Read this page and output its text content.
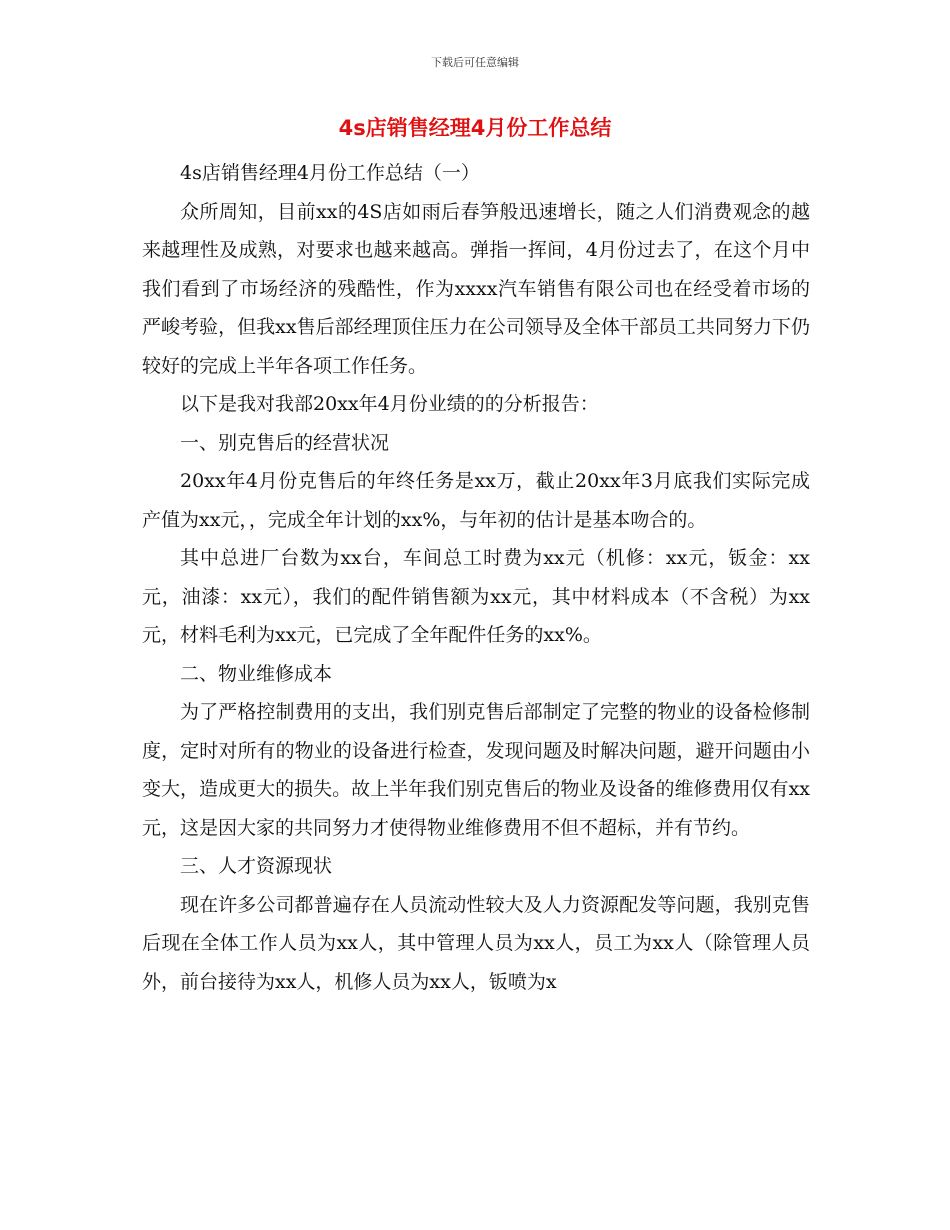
下载后可任意编辑
4s店销售经理4月份工作总结

4s店销售经理4月份工作总结（一）

众所周知，目前xx的4S店如雨后春笋般迅速增长，随之人们消费观念的越来越理性及成熟，对要求也越来越高。弹指一挥间，4月份过去了，在这个月中我们看到了市场经济的残酷性，作为xxxx汽车销售有限公司也在经受着市场的严峻考验，但我xx售后部经理顶住压力在公司领导及全体干部员工共同努力下仍较好的完成上半年各项工作任务。

以下是我对我部20xx年4月份业绩的的分析报告：

一、别克售后的经营状况

20xx年4月份克售后的年终任务是xx万，截止20xx年3月底我们实际完成产值为xx元，，完成全年计划的xx%，与年初的估计是基本吻合的。

其中总进厂台数为xx台，车间总工时费为xx元（机修：xx元，钣金：xx元，油漆：xx元），我们的配件销售额为xx元，其中材料成本（不含税）为xx元，材料毛利为xx元，已完成了全年配件任务的xx%。

二、物业维修成本

为了严格控制费用的支出，我们别克售后部制定了完整的物业的设备检修制度，定时对所有的物业的设备进行检查，发现问题及时解决问题，避开问题由小变大，造成更大的损失。故上半年我们别克售后的物业及设备的维修费用仅有xx元，这是因大家的共同努力才使得物业维修费用不但不超标，并有节约。

三、人才资源现状

现在许多公司都普遍存在人员流动性较大及人力资源配发等问题，我别克售后现在全体工作人员为xx人，其中管理人员为xx人，员工为xx人（除管理人员外，前台接待为xx人，机修人员为xx人，钣喷为x
